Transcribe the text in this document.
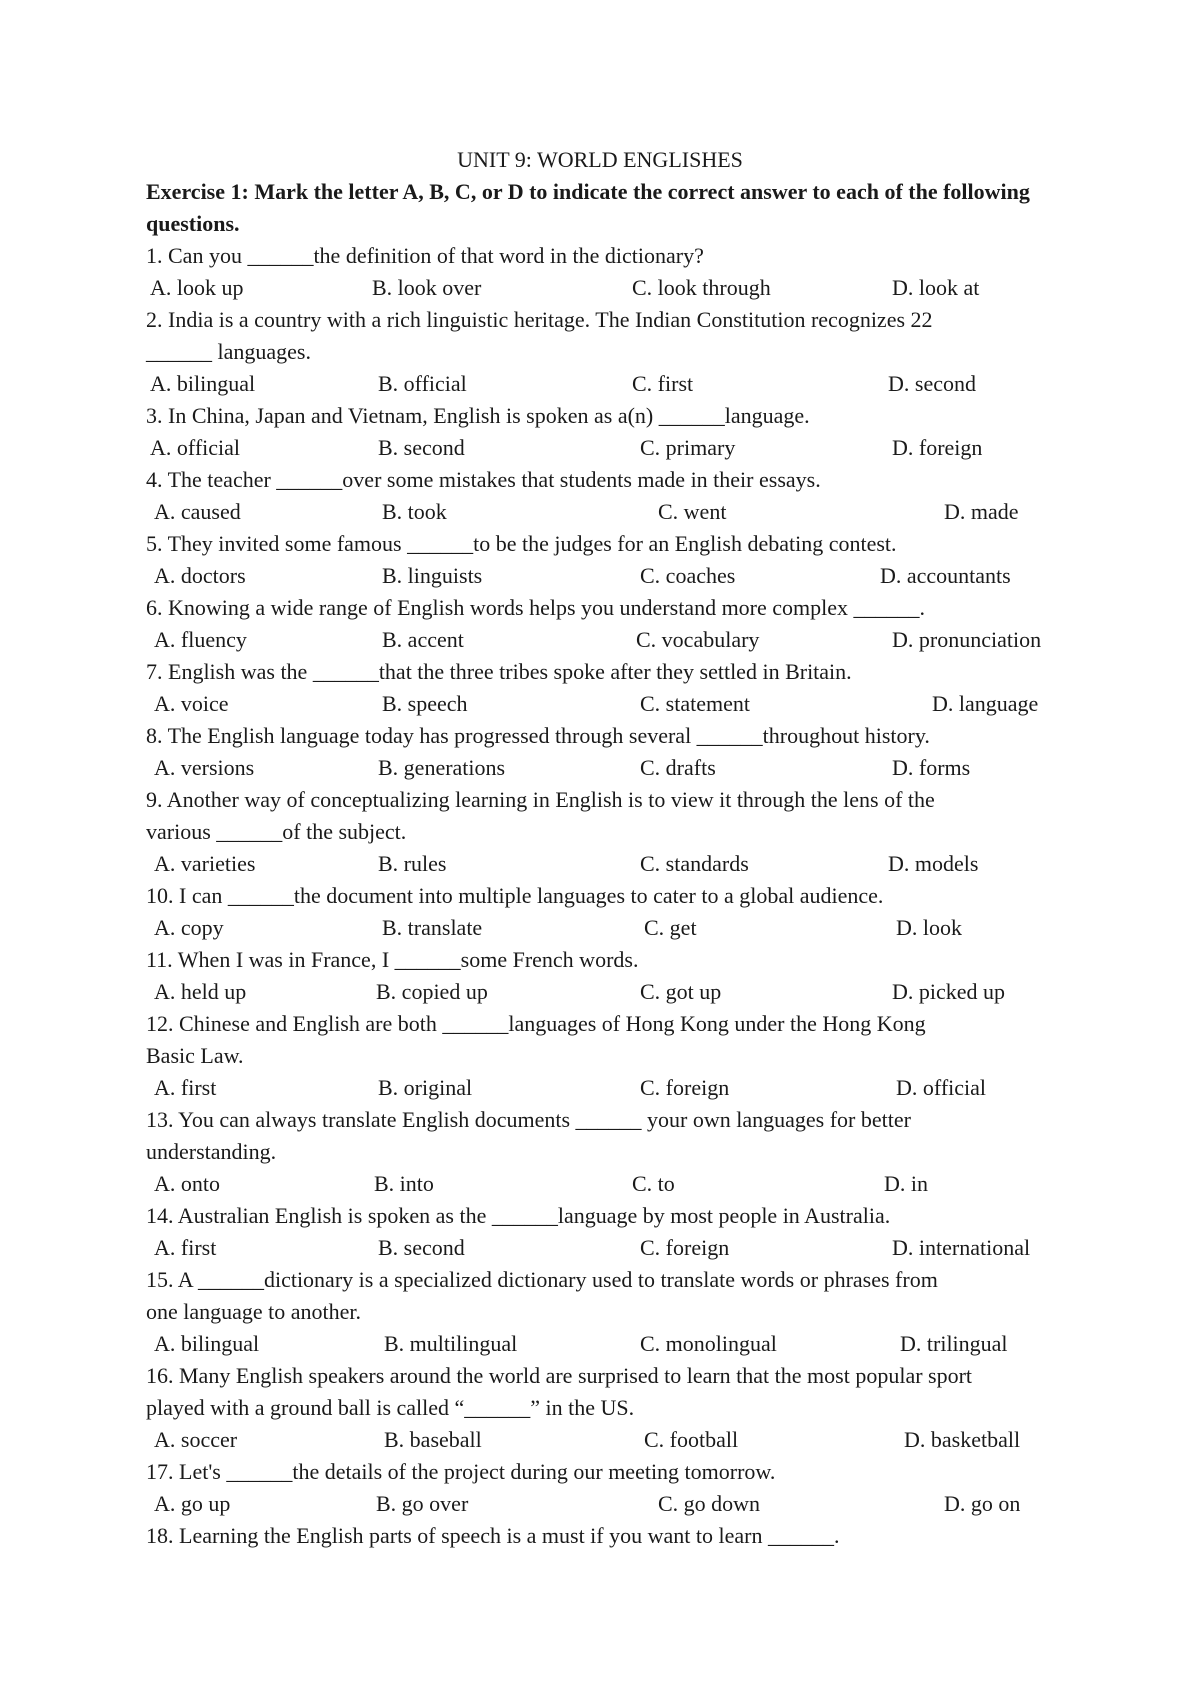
UNIT 9: WORLD ENGLISHES
Exercise 1: Mark the letter A, B, C, or D to indicate the correct answer to each of the following questions.
1. Can you ______the definition of that word in the dictionary?
A. look up	B. look over	C. look through	D. look at
2. India is a country with a rich linguistic heritage. The Indian Constitution recognizes 22
______ languages.
A. bilingual	B. official	C. first	D. second
3. In China, Japan and Vietnam, English is spoken as a(n) ______language.
A. official	B. second	C. primary	D. foreign
4. The teacher ______over some mistakes that students made in their essays.
A. caused	B. took	C. went	D. made
5. They invited some famous ______to be the judges for an English debating contest.
A. doctors	B. linguists	C. coaches	D. accountants
6. Knowing a wide range of English words helps you understand more complex ______.
A. fluency	B. accent	C. vocabulary	D. pronunciation
7. English was the ______that the three tribes spoke after they settled in Britain.
A. voice	B. speech	C. statement	D. language
8. The English language today has progressed through several ______throughout history.
A. versions	B. generations	C. drafts	D. forms
9. Another way of conceptualizing learning in English is to view it through the lens of the
various ______of the subject.
A. varieties	B. rules	C. standards	D. models
10. I can ______the document into multiple languages to cater to a global audience.
A. copy	B. translate	C. get	D. look
11. When I was in France, I ______some French words.
A. held up	B. copied up	C. got up	D. picked up
12. Chinese and English are both ______languages of Hong Kong under the Hong Kong
Basic Law.
A. first	B. original	C. foreign	D. official
13. You can always translate English documents ______ your own languages for better
understanding.
A. onto	B. into	C. to	D. in
14. Australian English is spoken as the ______language by most people in Australia.
A. first	B. second	C. foreign	D. international
15. A ______dictionary is a specialized dictionary used to translate words or phrases from
one language to another.
A. bilingual	B. multilingual	C. monolingual	D. trilingual
16. Many English speakers around the world are surprised to learn that the most popular sport
played with a ground ball is called “______” in the US.
A. soccer	B. baseball	C. football	D. basketball
17. Let's ______the details of the project during our meeting tomorrow.
A. go up	B. go over	C. go down	D. go on
18. Learning the English parts of speech is a must if you want to learn ______.
